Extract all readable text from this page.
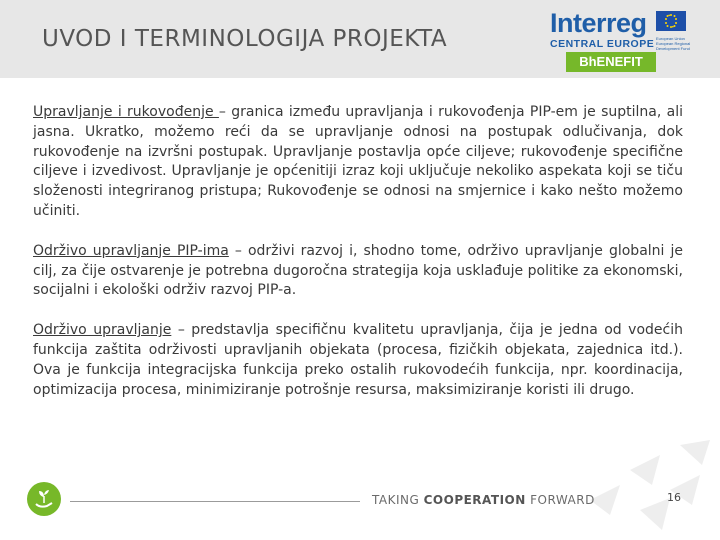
UVOD I TERMINOLOGIJA PROJEKTA
Interreg
CENTRAL EUROPE European Union European Regional Development Fund
BhENEFIT

Upravljanje i rukovođenje – granica između upravljanja i rukovođenja PIP-em je suptilna, ali jasna. Ukratko, možemo reći da se upravljanje odnosi na postupak odlučivanja, dok rukovođenje na izvršni postupak. Upravljanje postavlja opće ciljeve; rukovođenje specifične ciljeve i izvedivost. Upravljanje je općenitiji izraz koji uključuje nekoliko aspekata koji se tiču složenosti integriranog pristupa; Rukovođenje se odnosi na smjernice i kako nešto možemo učiniti.

Održivo upravljanje PIP-ima – održivi razvoj i, shodno tome, održivo upravljanje globalni je cilj, za čije ostvarenje je potrebna dugoročna strategija koja usklađuje politike za ekonomski, socijalni i ekološki održiv razvoj PIP-a.

Održivo upravljanje – predstavlja specifičnu kvalitetu upravljanja, čija je jedna od vodećih funkcija zaštita održivosti upravljanih objekata (procesa, fizičkih objekata, zajednica itd.). Ova je funkcija integracijska funkcija preko ostalih rukovodećih funkcija, npr. koordinacija, optimizacija procesa, minimiziranje potrošnje resursa, maksimiziranje koristi ili drugo.

TAKING COOPERATION FORWARD	16
